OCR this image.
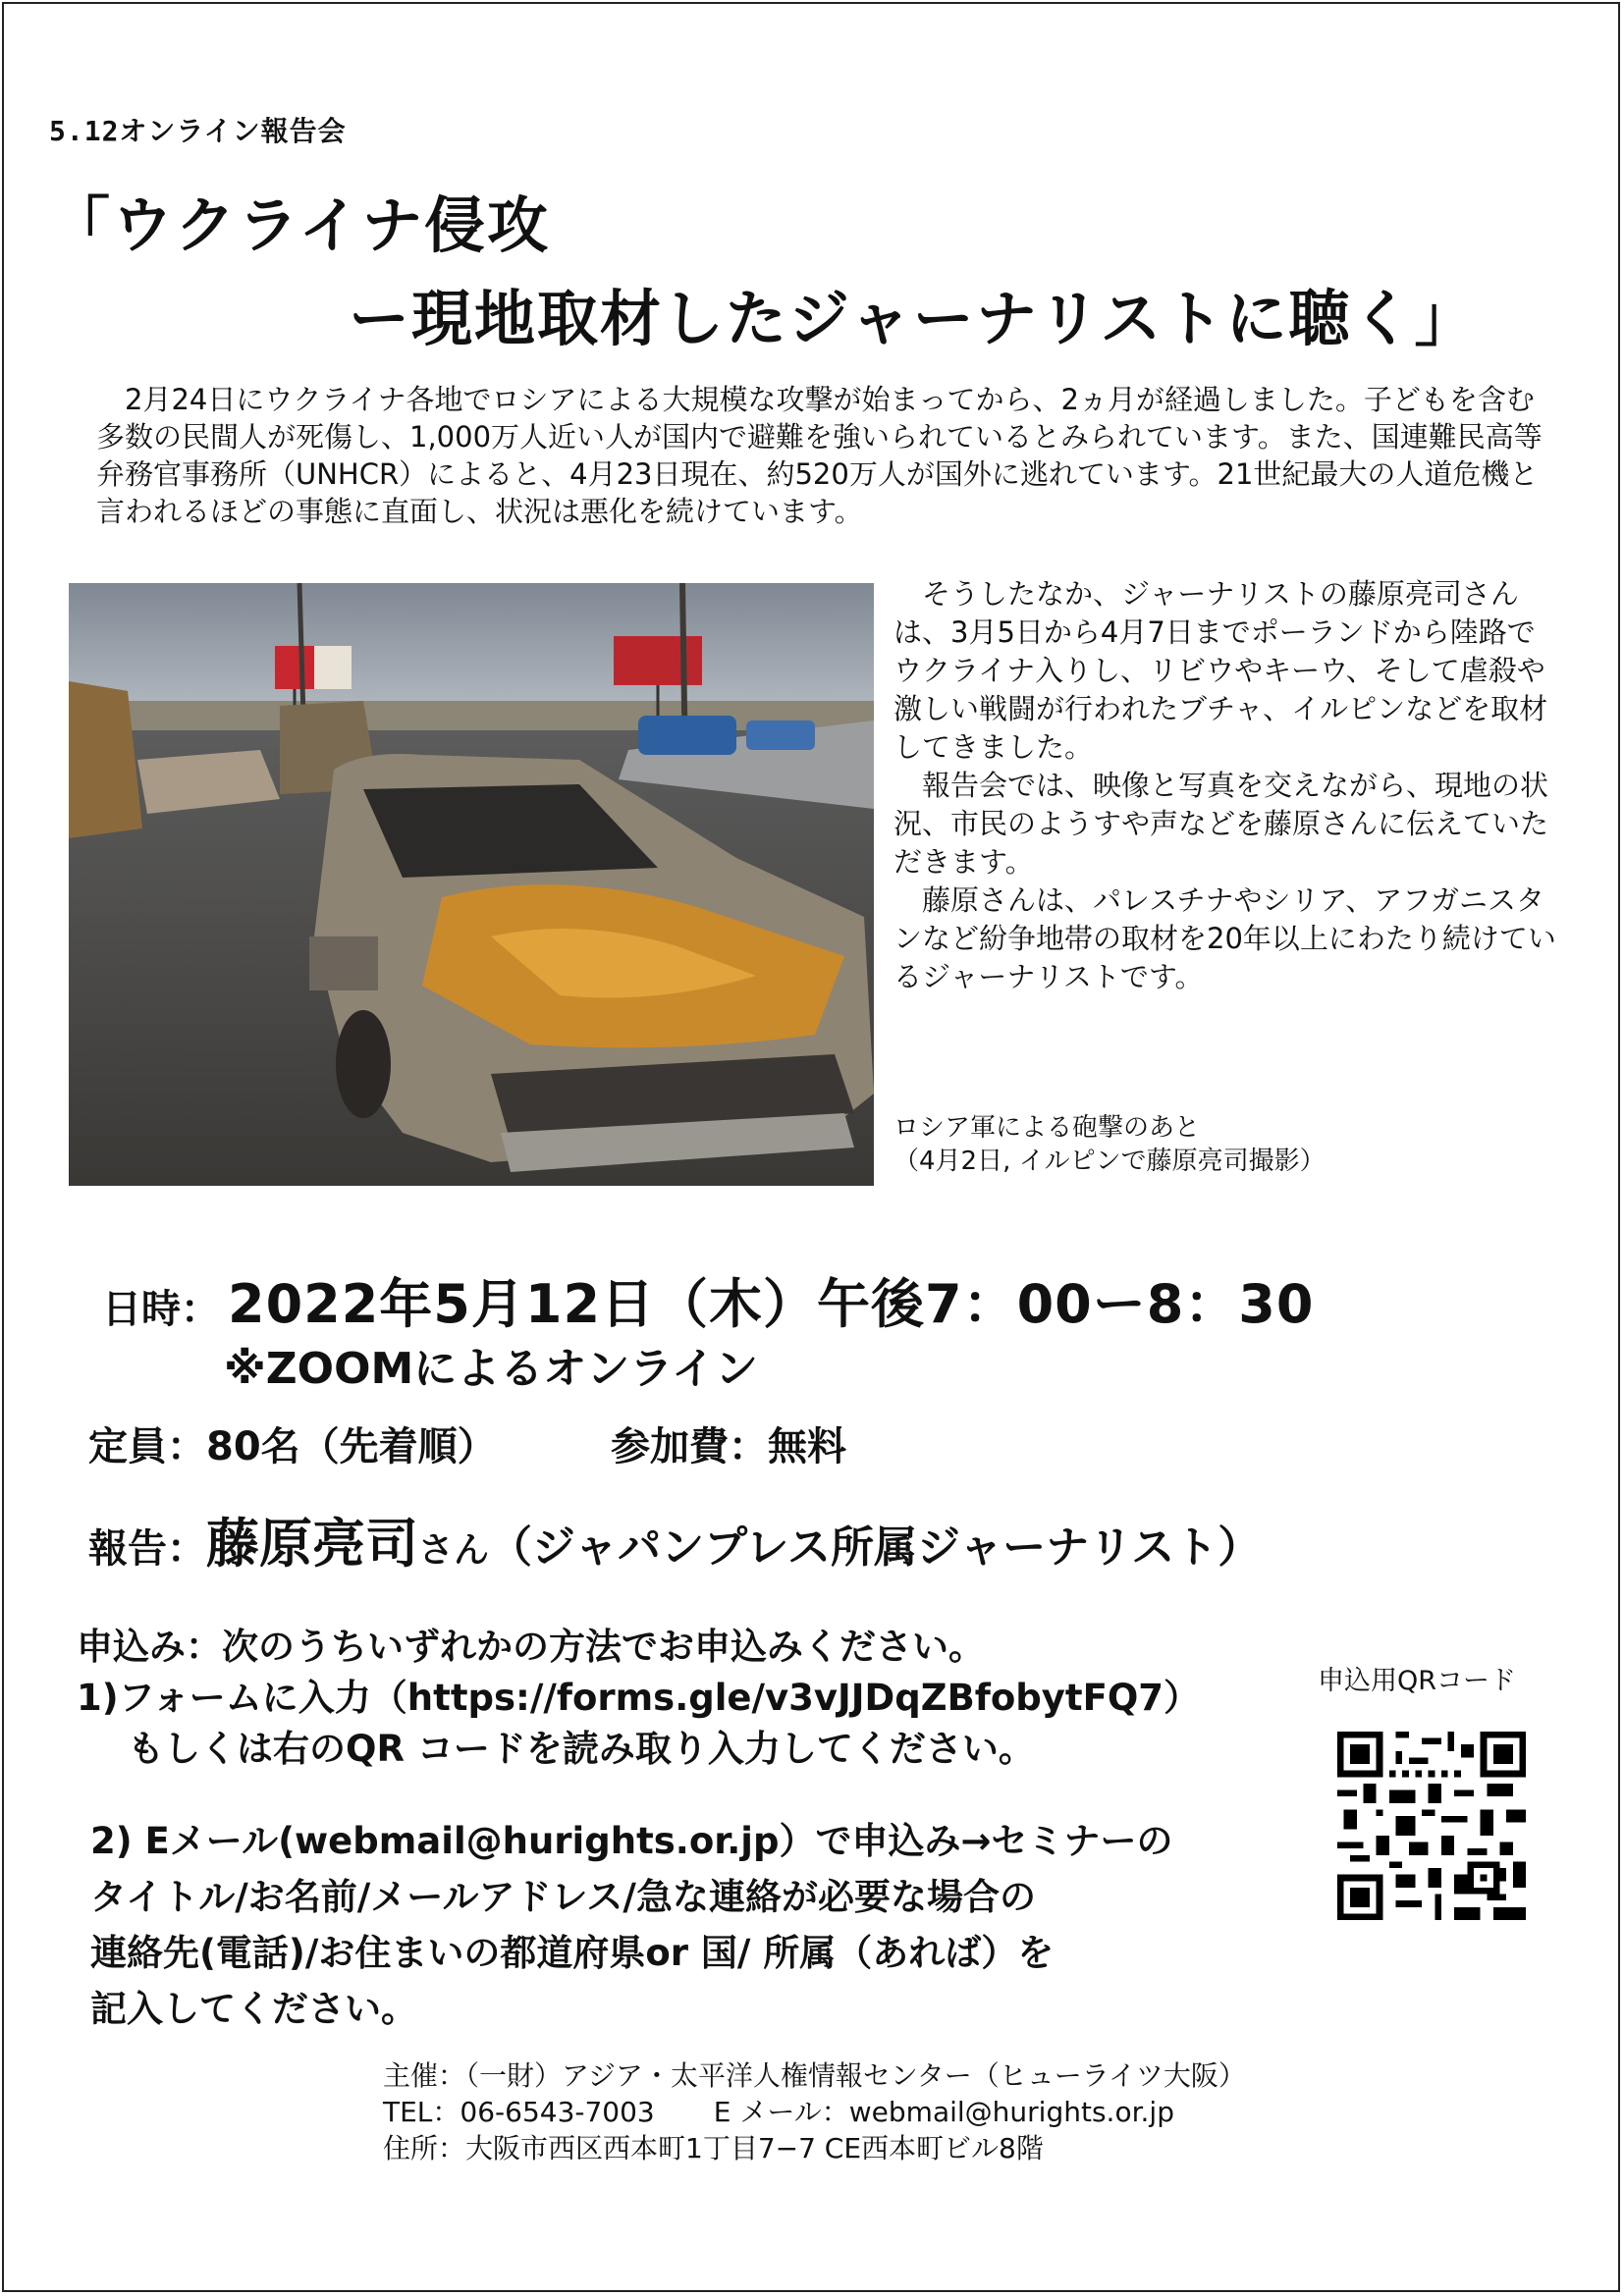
5.12オンライン報告会
「ウクライナ侵攻
ー現地取材したジャーナリストに聴く」

2月24日にウクライナ各地でロシアによる大規模な攻撃が始まってから、2ヵ月が経過しました。子どもを含む多数の民間人が死傷し、1,000万人近い人が国内で避難を強いられているとみられています。また、国連難民高等弁務官事務所（UNHCR）によると、4月23日現在、約520万人が国外に逃れています。21世紀最大の人道危機と言われるほどの事態に直面し、状況は悪化を続けています。

そうしたなか、ジャーナリストの藤原亮司さんは、3月5日から4月7日までポーランドから陸路でウクライナ入りし、リビウやキーウ、そして虐殺や激しい戦闘が行われたブチャ、イルピンなどを取材してきました。

報告会では、映像と写真を交えながら、現地の状況、市民のようすや声などを藤原さんに伝えていただきます。

藤原さんは、パレスチナやシリア、アフガニスタンなど紛争地帯の取材を20年以上にわたり続けているジャーナリストです。

ロシア軍による砲撃のあと
（4月2日, イルピンで藤原亮司撮影）
日時： 2022年5月12日（木）午後7：00ー8：30
※ZOOMによるオンライン
定員：80名（先着順）	参加費：無料
報告：藤原亮司さん（ジャパンプレス所属ジャーナリスト）
申込み：次のうちいずれかの方法でお申込みください。
1)フォームに入力（https://forms.gle/v3vJJDqZBfobytFQ7）
もしくは右のQR コードを読み取り入力してください。
2) Eメール(webmail@hurights.or.jp）で申込み→セミナーの
タイトル/お名前/メールアドレス/急な連絡が必要な場合の
連絡先(電話)/お住まいの都道府県or 国/ 所属（あれば）を
記入してください。
申込用QRコード
主催：（一財）アジア・太平洋人権情報センター（ヒューライツ大阪）
TEL：06-6543-7003 E メール：webmail@hurights.or.jp
住所：大阪市西区西本町1丁目7−7 CE西本町ビル8階
